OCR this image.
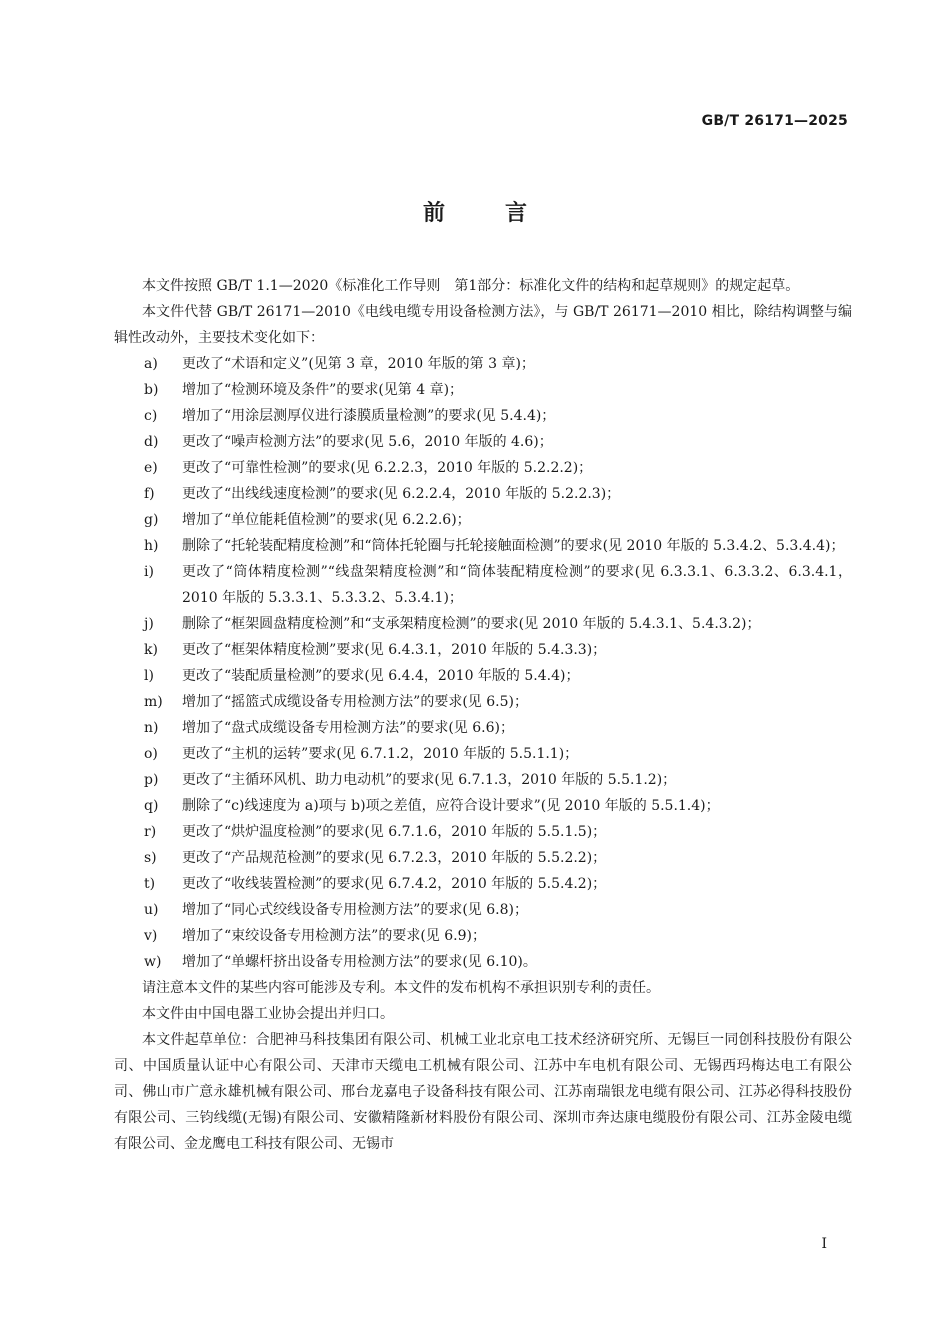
GB/T 26171—2025
前言

本文件按照 GB/T 1.1—2020《标准化工作导则　第1部分：标准化文件的结构和起草规则》的规定起草。

本文件代替 GB/T 26171—2010《电线电缆专用设备检测方法》，与 GB/T 26171—2010 相比，除结构调整与编辑性改动外，主要技术变化如下：

a)	更改了“术语和定义”(见第 3 章，2010 年版的第 3 章)；
b)	增加了“检测环境及条件”的要求(见第 4 章)；
c)	增加了“用涂层测厚仪进行漆膜质量检测”的要求(见 5.4.4)；
d)	更改了“噪声检测方法”的要求(见 5.6，2010 年版的 4.6)；
e)	更改了“可靠性检测”的要求(见 6.2.2.3，2010 年版的 5.2.2.2)；
f)	更改了“出线线速度检测”的要求(见 6.2.2.4，2010 年版的 5.2.2.3)；
g)	增加了“单位能耗值检测”的要求(见 6.2.2.6)；
h)	删除了“托轮装配精度检测”和“筒体托轮圈与托轮接触面检测”的要求(见 2010 年版的 5.3.4.2、5.3.4.4)；
i)	更改了“筒体精度检测”“线盘架精度检测”和“筒体装配精度检测”的要求(见 6.3.3.1、6.3.3.2、6.3.4.1，2010 年版的 5.3.3.1、5.3.3.2、5.3.4.1)；
j)	删除了“框架圆盘精度检测”和“支承架精度检测”的要求(见 2010 年版的 5.4.3.1、5.4.3.2)；
k)	更改了“框架体精度检测”要求(见 6.4.3.1，2010 年版的 5.4.3.3)；
l)	更改了“装配质量检测”的要求(见 6.4.4，2010 年版的 5.4.4)；
m)	增加了“摇篮式成缆设备专用检测方法”的要求(见 6.5)；
n)	增加了“盘式成缆设备专用检测方法”的要求(见 6.6)；
o)	更改了“主机的运转”要求(见 6.7.1.2，2010 年版的 5.5.1.1)；
p)	更改了“主循环风机、助力电动机”的要求(见 6.7.1.3，2010 年版的 5.5.1.2)；
q)	删除了“c)线速度为 a)项与 b)项之差值，应符合设计要求”(见 2010 年版的 5.5.1.4)；
r)	更改了“烘炉温度检测”的要求(见 6.7.1.6，2010 年版的 5.5.1.5)；
s)	更改了“产品规范检测”的要求(见 6.7.2.3，2010 年版的 5.5.2.2)；
t)	更改了“收线装置检测”的要求(见 6.7.4.2，2010 年版的 5.5.4.2)；
u)	增加了“同心式绞线设备专用检测方法”的要求(见 6.8)；
v)	增加了“束绞设备专用检测方法”的要求(见 6.9)；
w)	增加了“单螺杆挤出设备专用检测方法”的要求(见 6.10)。

请注意本文件的某些内容可能涉及专利。本文件的发布机构不承担识别专利的责任。

本文件由中国电器工业协会提出并归口。

本文件起草单位：合肥神马科技集团有限公司、机械工业北京电工技术经济研究所、无锡巨一同创科技股份有限公司、中国质量认证中心有限公司、天津市天缆电工机械有限公司、江苏中车电机有限公司、无锡西玛梅达电工有限公司、佛山市广意永雄机械有限公司、邢台龙嘉电子设备科技有限公司、江苏南瑞银龙电缆有限公司、江苏必得科技股份有限公司、三钧线缆(无锡)有限公司、安徽精隆新材料股份有限公司、深圳市奔达康电缆股份有限公司、江苏金陵电缆有限公司、金龙鹰电工科技有限公司、无锡市

I
